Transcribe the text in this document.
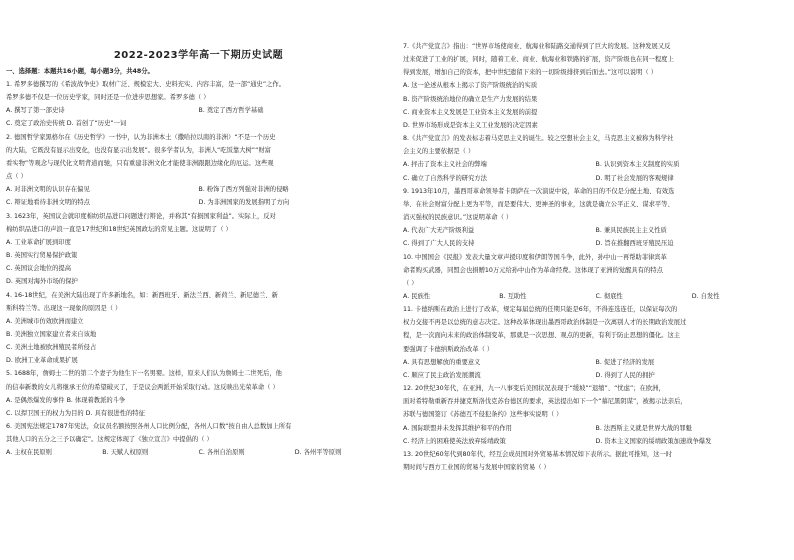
2022-2023学年高一下期历史试题
一、选择题：本题共16小题，每小题3分，共48分。
1. 希罗多德撰写的《希波战争史》取材广泛、规模宏大、史料充实、内容丰富，是一部“通史”之作。
希罗多德不仅是一位历史学家，同时还是一位进步思想家。希罗多德（ ）
A. 撰写了第一部史诗	B. 奠定了西方哲学基础
C. 奠定了政治史传统 D. 首创了“历史”一词
2. 德国哲学家黑格尔在《历史哲学》一书中，认为非洲本土（撒哈拉以南的非洲）“不是一个历史
的大陆，它既没有显示出变化，也没有显示出发展”。很多学者认为，非洲人“吃饭靠大树”“财富
看实物”等观念与现代化文明背道而驰，只有重建非洲文化才能使非洲跟跟边缘化的厄运。这些观
点（ ）
A. 对非洲文明的认识存在偏见	B. 粉饰了西方列强对非洲的侵略
C. 辩证地看待非洲文明的特点	D. 为非洲国家的发展指明了方向
3. 1623年，英国议会就印度棉纺织品进口问题进行辩论，并称其“有损国家利益”。实际上，反对
棉纺织品进口的声浪一直是17世纪和18世纪英国政坛的常见主题。这说明了（ ）
A. 工业革命扩展到印度
B. 英国实行贸易保护政策
C. 英国议会地位的提高
D. 英国对海外市场的保护
4. 16-18世纪，在美洲大陆出现了许多新地名，如：新西班牙、新法兰西、新荷兰、新尼德兰、新
斯科特兰等。出现这一现象的原因是（ ）
A. 美洲城市仿效欧洲而建立
B. 美洲独立国家建立者来自该地
C. 美洲土地被欧洲殖民者所侵占
D. 欧洲工业革命成果扩展
5. 1688年，詹姆士二世的第二个妻子为他生下一名男婴。这样，原来人们认为詹姆士二世死后，他
的信奉新教的女儿将继承王位的希望破灭了，于是议会两派开始采取行动。这反映出光荣革命（ ）
A. 是偶然爆发的事件 B. 体现着教派的斗争
C. 以捍卫国王的权力为目的 D. 具有很进性的特征
6. 美国宪法规定1787年宪法，众议员名额按照各州人口比例分配，各州人口数“按自由人总数加上所有
其他人口的五分之三予以确定”。这规定体现了《独立宣言》中提倡的（ ）
A. 主权在民原则	B. 天赋人权原则	C. 各州自治原则	D. 各州平等原则
7.《共产党宣言》指出：“世界市场使商业、航海业和陆路交通得到了巨大的发展。这种发展又反
过来促进了工业的扩展，同时，随着工业、商业、航海业和铁路的扩展，资产阶级也在同一程度上
得到发展，增加自己的资本，把中世纪遗留下来的一切阶级排挤到后面去。”这可以说明（ ）
A. 这一论述从根本上揭示了资产阶级统治的实质
B. 资产阶级统治地位的确立是生产力发展的结果
C. 商业资本主义发展是工业资本主义发展的前提
D. 世界市场形成是资本主义工业发展的决定因素
8.《共产党宣言》的发表标志着马克思主义的诞生。较之空想社会主义，马克思主义被称为科学社
会主义的主要依据是（ ）
A. 抨击了资本主义社会的弊端	B. 认识到资本主义制度的实质
C. 确立了自然科学的研究方法	D. 明了社会发展的客观规律
9. 1913年10月，墨西哥革命领导者卡朗萨在一次演说中说，革命的目的不仅是分配土地、有效选
举、在社会财富分配上更为平等，而是要伟大、更神圣的事业，这就是确立公平正义、谋求平等、
消灭强权的民族意识。”这说明革命（ ）
A. 代表广大无产阶级利益	B. 兼具民族民主主义性质
C. 得到了广大人民的支持	D. 旨在推翻西班牙殖民压迫
10. 中国国会《民报》发表大量文章声援印度和伊朗等国斗争，此外，孙中山一再帮助菲律宾革
命者购买武器，同盟会也捐赠10万元给孙中山作为革命经费。这体现了亚洲的觉醒具有的特点
（ ）
A. 民族性	B. 互助性	C. 彻底性	D. 自发性
11. 卡德纳斯在政治上进行了改革，规定每届总统的任期只能是6年，不得连选连任，以保证每次的
权力交接不再是以总统的意志决定。这种改革体现出墨西哥政治体制是一次离别人才的长期政治发展过
程，是一次面向未来的政治体制变革，那就是一次思想、观点的更新，有利于防止思想的僵化。这主
要强调了卡德纳斯政治改革（ ）
A. 具有思想解放的重要意义	B. 促进了经济的发展
C. 顺应了民主政治发展潮流	D. 得到了人民的拥护
12. 20世纪30年代，在亚洲，九一八事变后美国状况表现于“缓坡”“退缩”、“忧虑”；在欧洲，
面对希特勒重新吞并捷克斯洛伐克苏台德区的要求，英法提出如下一个“慕尼黑阴谋”，被揭示法亲后，
苏联与德国签订《苏德互不侵犯条约》这些事实说明（ ）
A. 国际联盟并未发挥其维护和平的作用	B. 法西斯主义就是世界大战的罪魁
C. 经济上的困难使英法放弃绥靖政策	D. 资本主义国家的绥靖政策加速战争爆发
13. 20世纪60年代到80年代，经互会成员国对外贸易基本情况如下表所示。据此可推知，这一时
期时间与西方工业国的贸易与发展中国家的贸易（ ）
